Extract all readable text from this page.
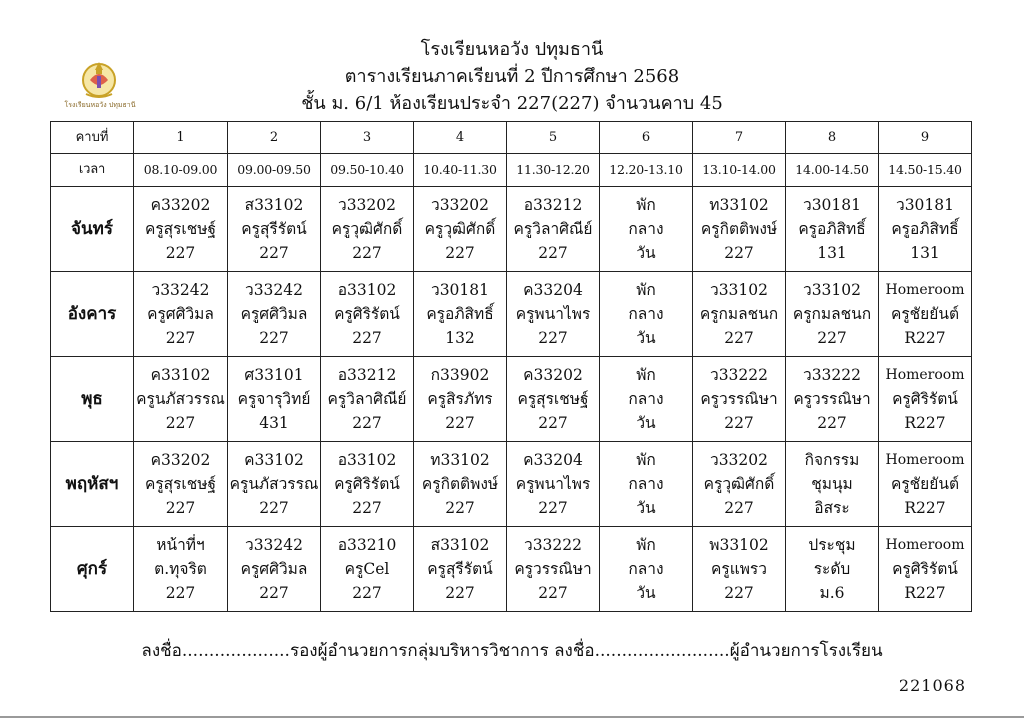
โรงเรียนหอวัง ปทุมธานี
ตารางเรียนภาคเรียนที่ 2 ปีการศึกษา 2568
ชั้น ม. 6/1 ห้องเรียนประจำ 227(227) จำนวนคาบ 45
โรงเรียนหอวัง ปทุมธานี
คาบที่	1	2	3	4	5	6	7	8	9
เวลา	08.10-09.00	09.00-09.50	09.50-10.40	10.40-11.30	11.30-12.20	12.20-13.10	13.10-14.00	14.00-14.50	14.50-15.40
จันทร์	ค33202
ครูสุรเชษฐ์
227	ส33102
ครูสุรีรัตน์
227	ว33202
ครูวุฒิศักดิ์
227	ว33202
ครูวุฒิศักดิ์
227	อ33212
ครูวิลาศิณีย์
227	พัก
กลาง
วัน	ท33102
ครูกิตติพงษ์
227	ว30181
ครูอภิสิทธิ์
131	ว30181
ครูอภิสิทธิ์
131

อังคาร	ว33242
ครูศศิวิมล
227	ว33242
ครูศศิวิมล
227	อ33102
ครูศิริรัตน์
227	ว30181
ครูอภิสิทธิ์
132	ค33204
ครูพนาไพร
227	พัก
กลาง
วัน	ว33102
ครูกมลชนก
227	ว33102
ครูกมลชนก
227	Homeroom
ครูชัยยันต์
R227

พุธ	ค33102
ครูนภัสวรรณ
227	ศ33101
ครูจารุวิทย์
431	อ33212
ครูวิลาศิณีย์
227	ก33902
ครูสิรภัทร
227	ค33202
ครูสุรเชษฐ์
227	พัก
กลาง
วัน	ว33222
ครูวรรณิษา
227	ว33222
ครูวรรณิษา
227	Homeroom
ครูศิริรัตน์
R227

พฤหัสฯ	ค33202
ครูสุรเชษฐ์
227	ค33102
ครูนภัสวรรณ
227	อ33102
ครูศิริรัตน์
227	ท33102
ครูกิตติพงษ์
227	ค33204
ครูพนาไพร
227	พัก
กลาง
วัน	ว33202
ครูวุฒิศักดิ์
227	กิจกรรม
ชุมนุม
อิสระ	Homeroom
ครูชัยยันต์
R227

ศุกร์	หน้าที่ฯ
ต.ทุจริต
227	ว33242
ครูศศิวิมล
227	อ33210
ครูCel
227	ส33102
ครูสุรีรัตน์
227	ว33222
ครูวรรณิษา
227	พัก
กลาง
วัน	พ33102
ครูแพรว
227	ประชุม
ระดับ
ม.6	Homeroom
ครูศิริรัตน์
R227
ลงชื่อ....................รองผู้อำนวยการกลุ่มบริหารวิชาการ ลงชื่อ.........................ผู้อำนวยการโรงเรียน
221068
